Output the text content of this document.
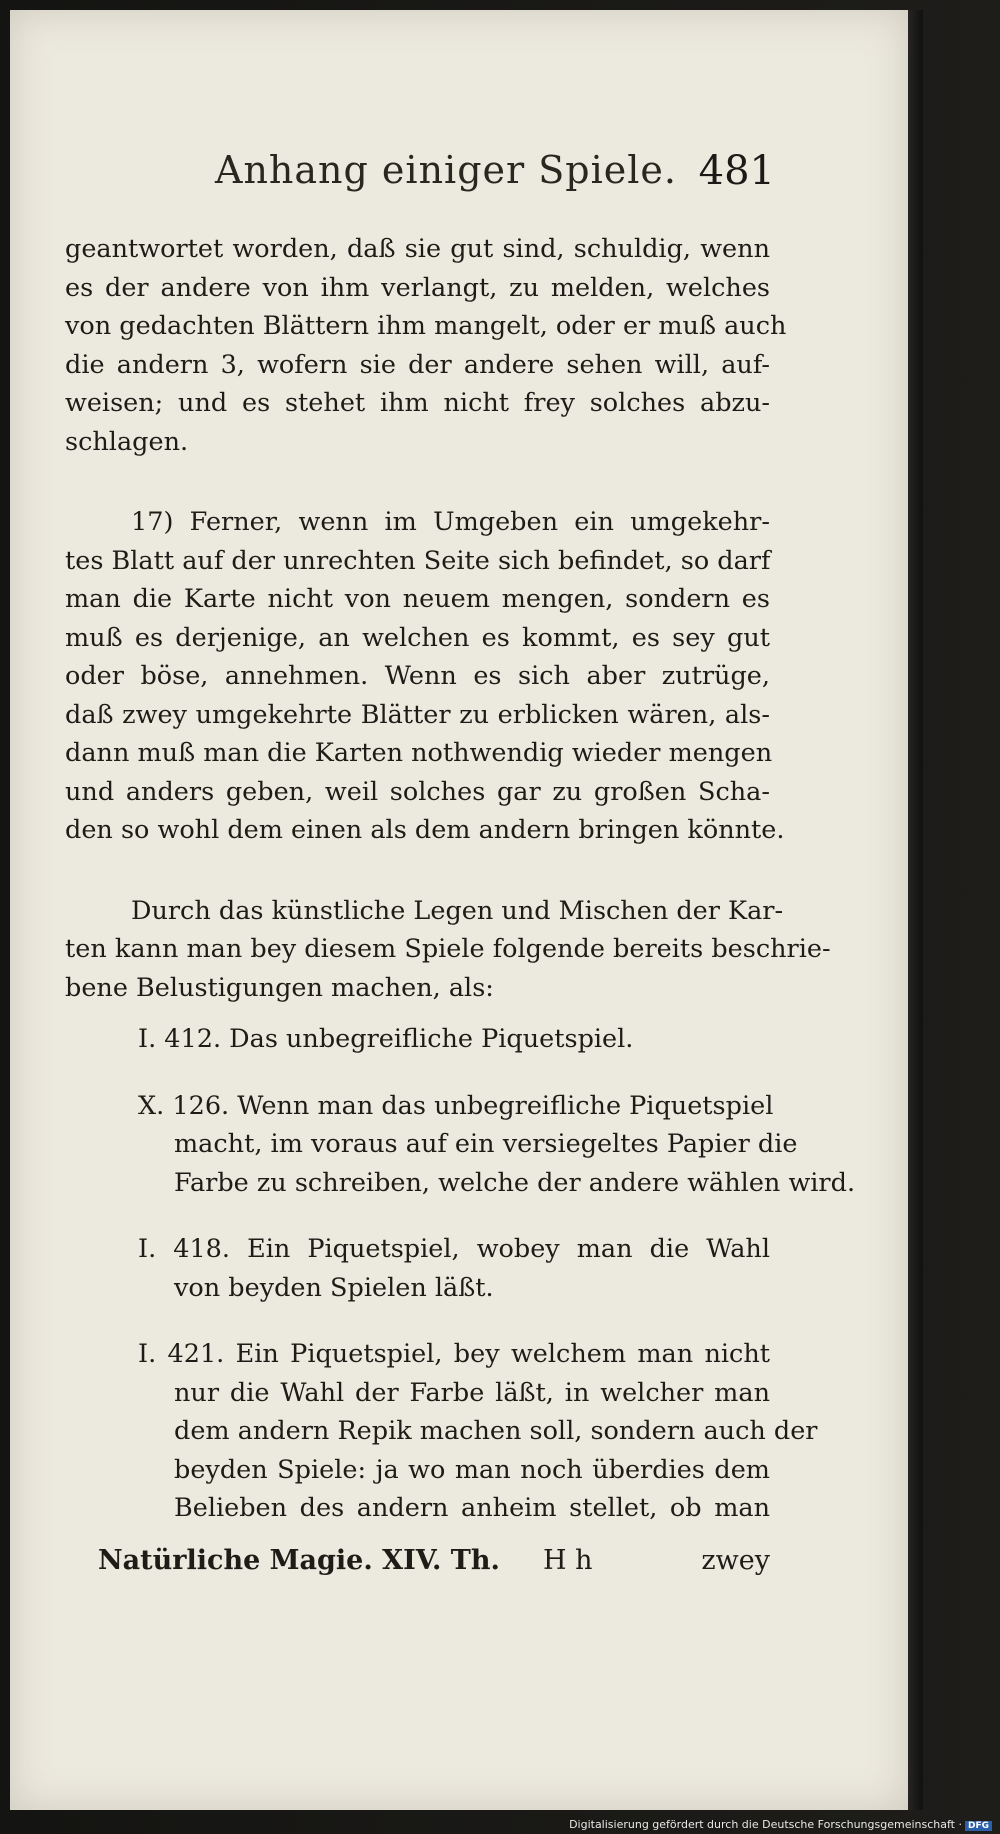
Anhang einiger Spiele. 481
geantwortet worden, daß sie gut sind, schuldig, wenn
es der andere von ihm verlangt, zu melden, welches
von gedachten Blättern ihm mangelt, oder er muß auch
die andern 3, wofern sie der andere sehen will, auf-
weisen; und es stehet ihm nicht frey solches abzu-
schlagen.
17) Ferner, wenn im Umgeben ein umgekehr-
tes Blatt auf der unrechten Seite sich befindet, so darf
man die Karte nicht von neuem mengen, sondern es
muß es derjenige, an welchen es kommt, es sey gut
oder böse, annehmen. Wenn es sich aber zutrüge,
daß zwey umgekehrte Blätter zu erblicken wären, als-
dann muß man die Karten nothwendig wieder mengen
und anders geben, weil solches gar zu großen Scha-
den so wohl dem einen als dem andern bringen könnte.
Durch das künstliche Legen und Mischen der Kar-
ten kann man bey diesem Spiele folgende bereits beschrie-
bene Belustigungen machen, als:
I. 412. Das unbegreifliche Piquetspiel.
X. 126. Wenn man das unbegreifliche Piquetspiel
macht, im voraus auf ein versiegeltes Papier die
Farbe zu schreiben, welche der andere wählen wird.
I. 418. Ein Piquetspiel, wobey man die Wahl
von beyden Spielen läßt.
I. 421. Ein Piquetspiel, bey welchem man nicht
nur die Wahl der Farbe läßt, in welcher man
dem andern Repik machen soll, sondern auch der
beyden Spiele: ja wo man noch überdies dem
Belieben des andern anheim stellet, ob man
Natürliche Magie. XIV. Th. H h	zwey
Digitalisierung gefördert durch die Deutsche Forschungsgemeinschaft · DFG
